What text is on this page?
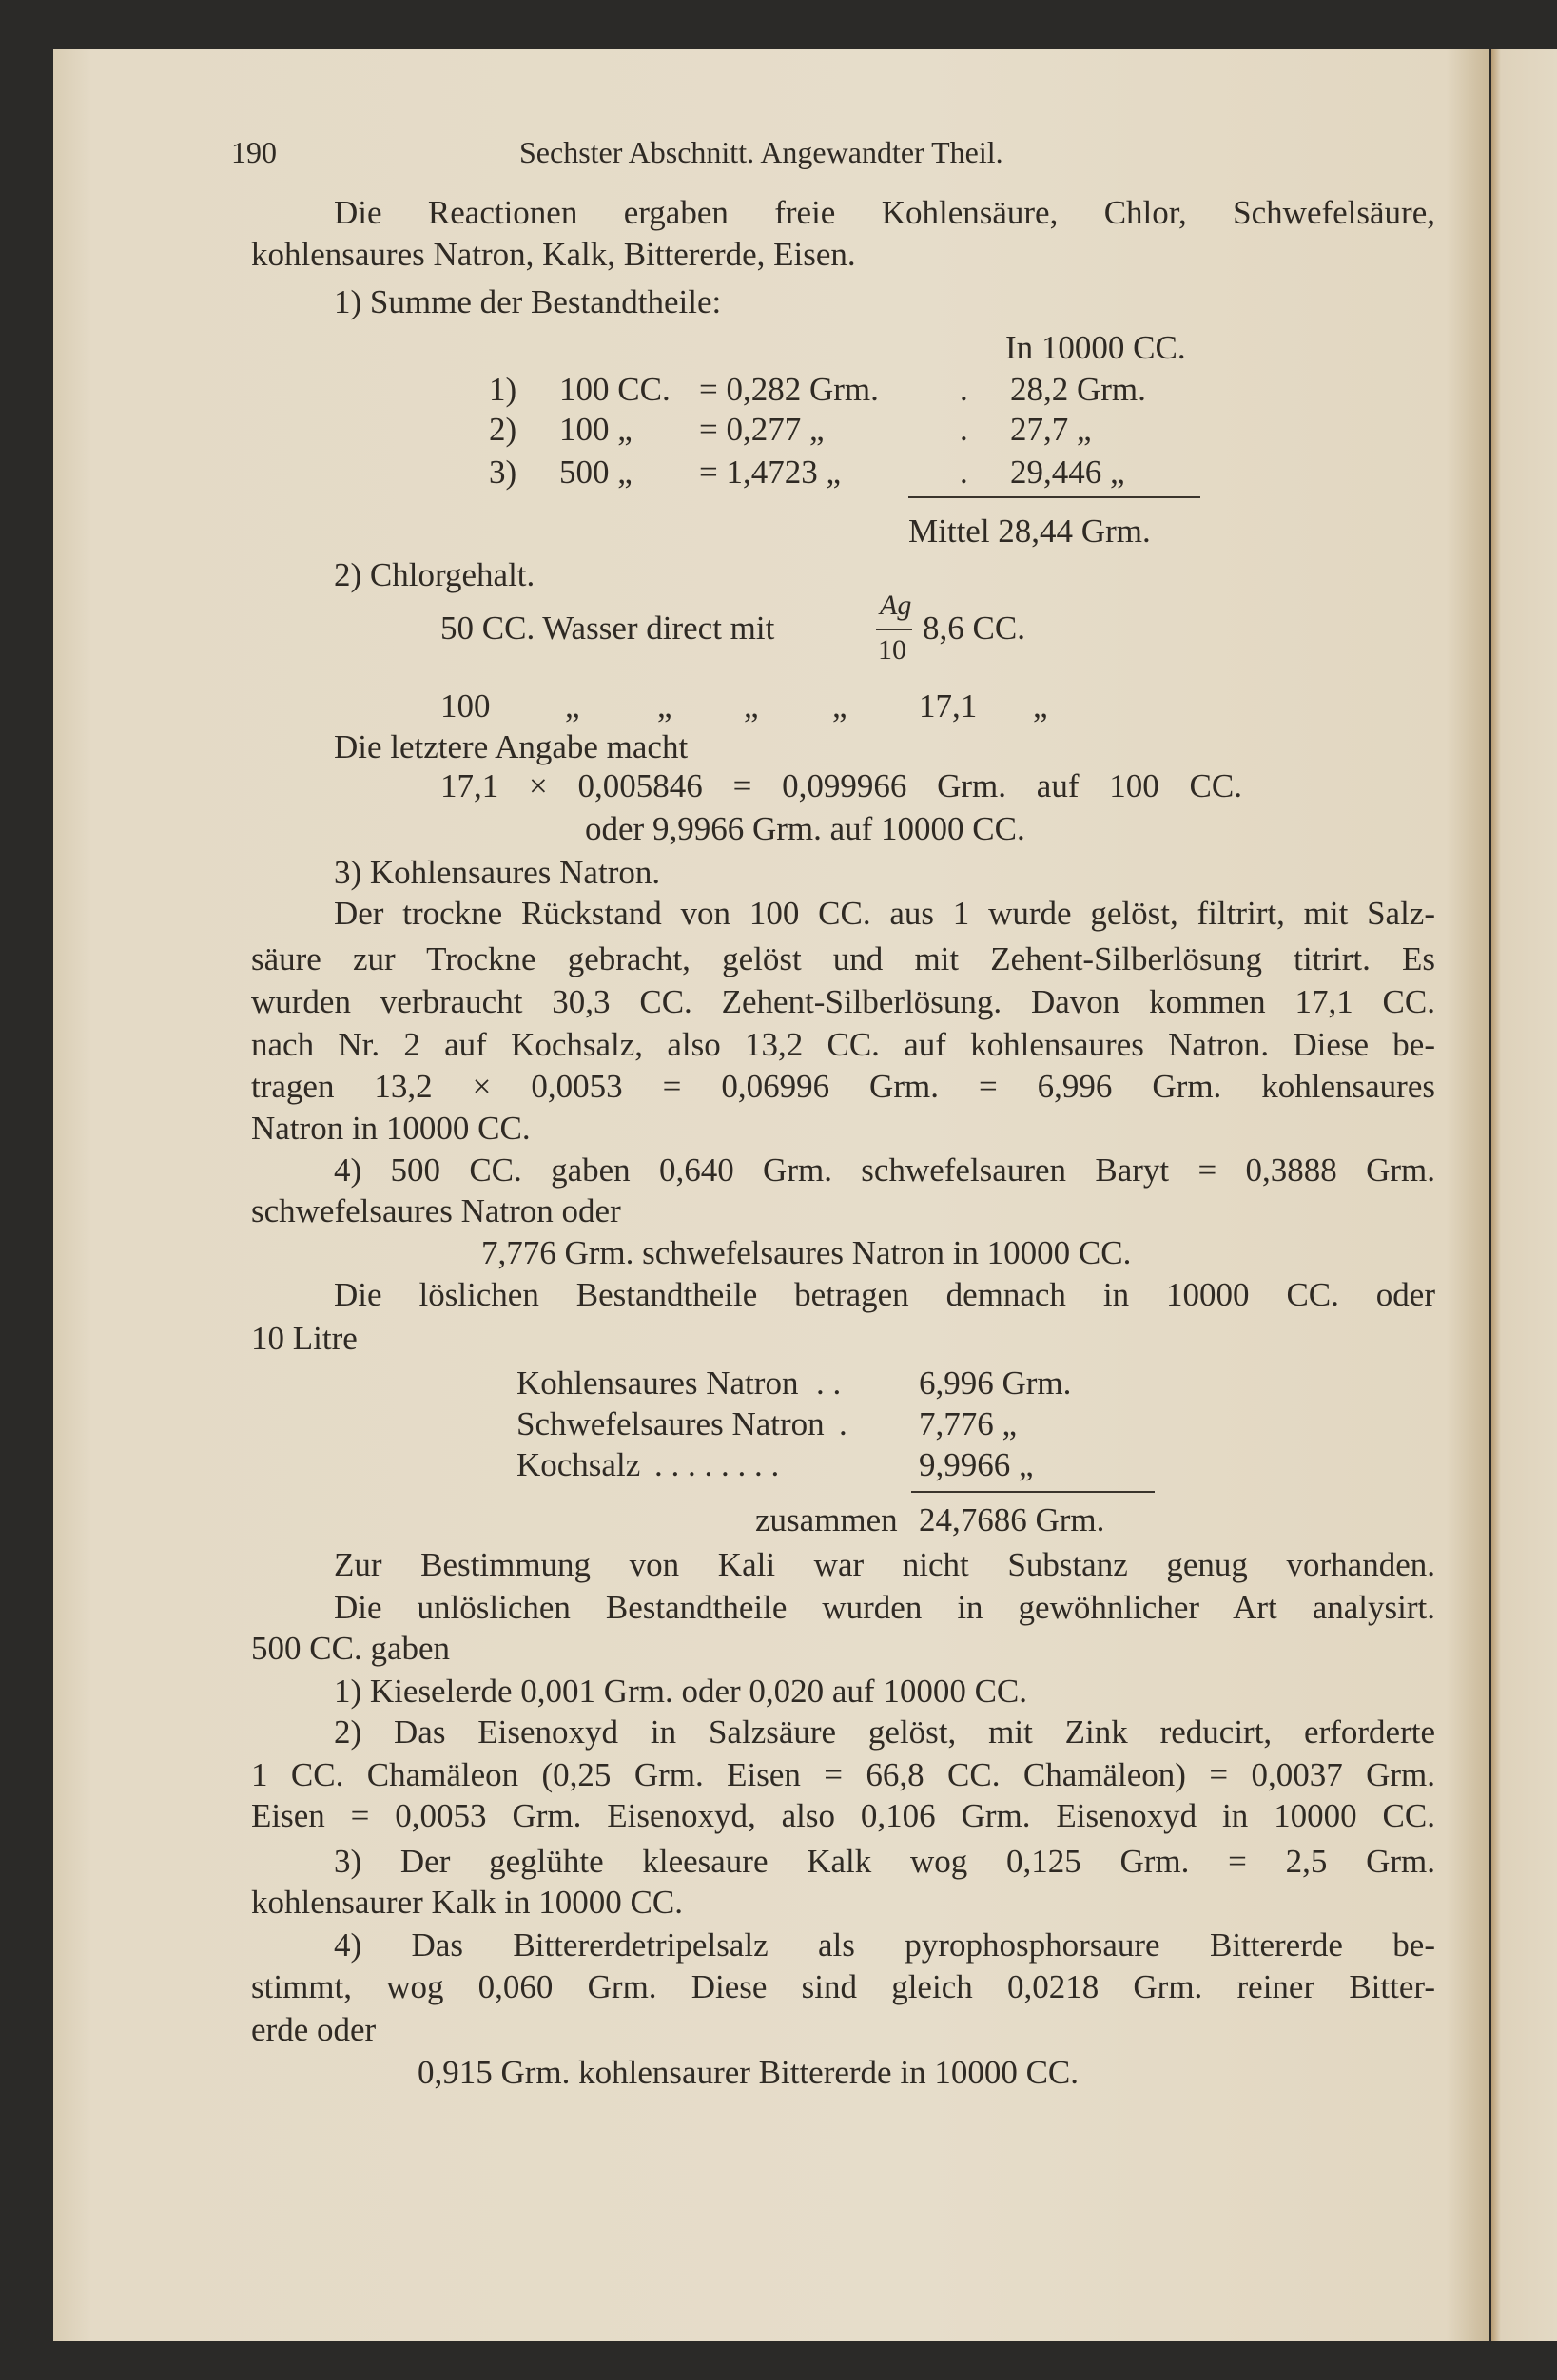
190	Sechster Abschnitt. Angewandter Theil.
Die Reactionen ergaben freie Kohlensäure, Chlor, Schwefelsäure,
kohlensaures Natron, Kalk, Bittererde, Eisen.
1) Summe der Bestandtheile:
In 10000 CC.
1) 100 CC. = 0,282 Grm. . 28,2 Grm.
2) 100 „ = 0,277 „	. 27,7 „
3) 500 „ = 1,4723 „	. 29,446 „
Mittel 28,44 Grm.
2) Chlorgehalt.
50 CC. Wasser direct mit
Ag
10
8,6 CC.
100 „ „ „ „ 17,1 „
Die letztere Angabe macht
17,1 × 0,005846 = 0,099966 Grm. auf 100 CC.
oder 9,9966 Grm. auf 10000 CC.
3) Kohlensaures Natron.
Der trockne Rückstand von 100 CC. aus 1 wurde gelöst, filtrirt, mit Salz-
säure zur Trockne gebracht, gelöst und mit Zehent-Silberlösung titrirt. Es
wurden verbraucht 30,3 CC. Zehent-Silberlösung. Davon kommen 17,1 CC.
nach Nr. 2 auf Kochsalz, also 13,2 CC. auf kohlensaures Natron. Diese be-
tragen 13,2 × 0,0053 = 0,06996 Grm. = 6,996 Grm. kohlensaures
Natron in 10000 CC.
4) 500 CC. gaben 0,640 Grm. schwefelsauren Baryt = 0,3888 Grm.
schwefelsaures Natron oder
7,776 Grm. schwefelsaures Natron in 10000 CC.
Die löslichen Bestandtheile betragen demnach in 10000 CC. oder
10 Litre
Kohlensaures Natron . . 6,996 Grm.
Schwefelsaures Natron . 7,776 „
Kochsalz . . . . . . . .	9,9966 „
zusammen 24,7686 Grm.
Zur Bestimmung von Kali war nicht Substanz genug vorhanden.
Die unlöslichen Bestandtheile wurden in gewöhnlicher Art analysirt.
500 CC. gaben
1) Kieselerde 0,001 Grm. oder 0,020 auf 10000 CC.
2) Das Eisenoxyd in Salzsäure gelöst, mit Zink reducirt, erforderte
1 CC. Chamäleon (0,25 Grm. Eisen = 66,8 CC. Chamäleon) = 0,0037 Grm.
Eisen = 0,0053 Grm. Eisenoxyd, also 0,106 Grm. Eisenoxyd in 10000 CC.
3) Der geglühte kleesaure Kalk wog 0,125 Grm. = 2,5 Grm.
kohlensaurer Kalk in 10000 CC.
4) Das Bittererdetripelsalz als pyrophosphorsaure Bittererde be-
stimmt, wog 0,060 Grm. Diese sind gleich 0,0218 Grm. reiner Bitter-
erde oder
0,915 Grm. kohlensaurer Bittererde in 10000 CC.
